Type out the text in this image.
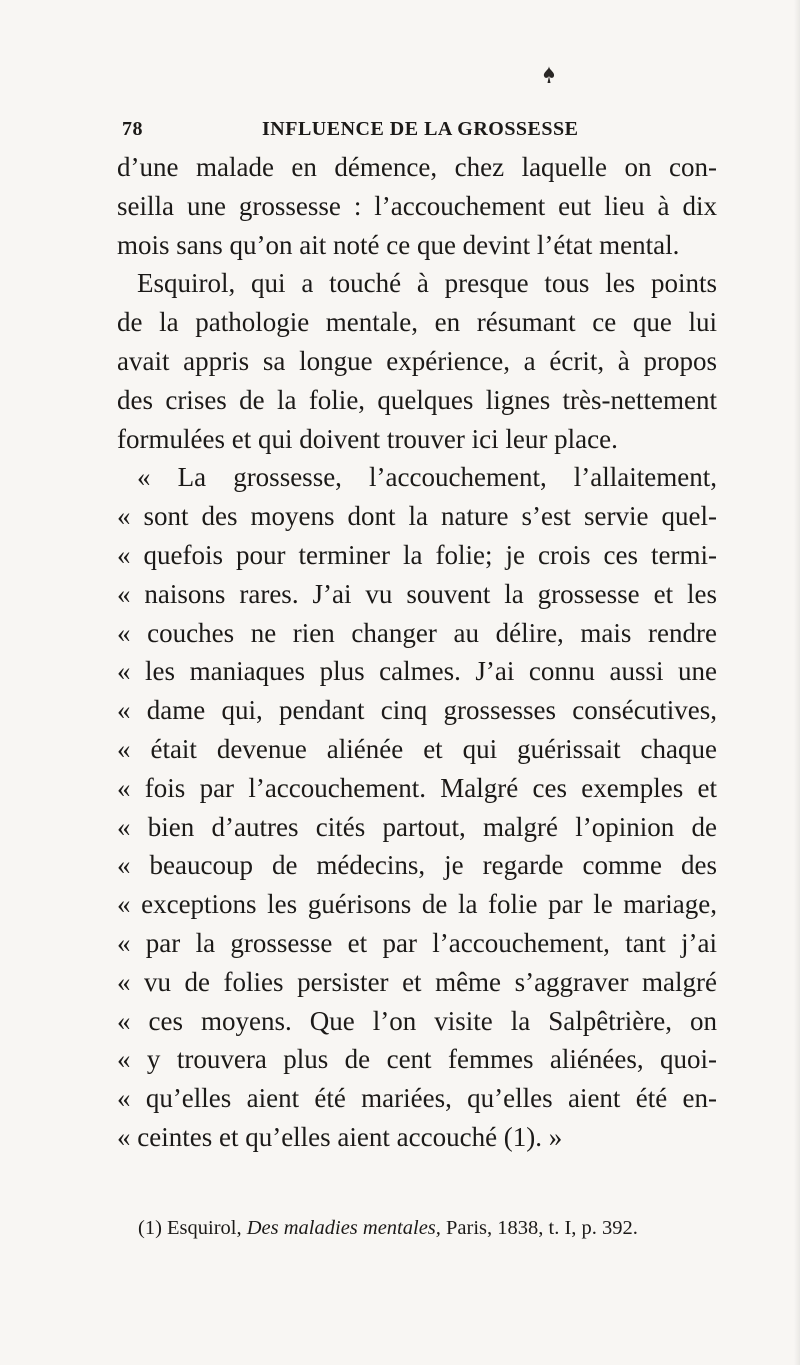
78	INFLUENCE DE LA GROSSESSE
d’une malade en démence, chez laquelle on con-
seilla une grossesse : l’accouchement eut lieu à dix
mois sans qu’on ait noté ce que devint l’état mental.
Esquirol, qui a touché à presque tous les points
de la pathologie mentale, en résumant ce que lui
avait appris sa longue expérience, a écrit, à propos
des crises de la folie, quelques lignes très-nettement
formulées et qui doivent trouver ici leur place.
« La grossesse, l’accouchement, l’allaitement,
« sont des moyens dont la nature s’est servie quel-
« quefois pour terminer la folie; je crois ces termi-
« naisons rares. J’ai vu souvent la grossesse et les
« couches ne rien changer au délire, mais rendre
« les maniaques plus calmes. J’ai connu aussi une
« dame qui, pendant cinq grossesses consécutives,
« était devenue aliénée et qui guérissait chaque
« fois par l’accouchement. Malgré ces exemples et
« bien d’autres cités partout, malgré l’opinion de
« beaucoup de médecins, je regarde comme des
« exceptions les guérisons de la folie par le mariage,
« par la grossesse et par l’accouchement, tant j’ai
« vu de folies persister et même s’aggraver malgré
« ces moyens. Que l’on visite la Salpêtrière, on
« y trouvera plus de cent femmes aliénées, quoi-
« qu’elles aient été mariées, qu’elles aient été en-
« ceintes et qu’elles aient accouché (1). »
(1) Esquirol, Des maladies mentales, Paris, 1838, t. I, p. 392.
